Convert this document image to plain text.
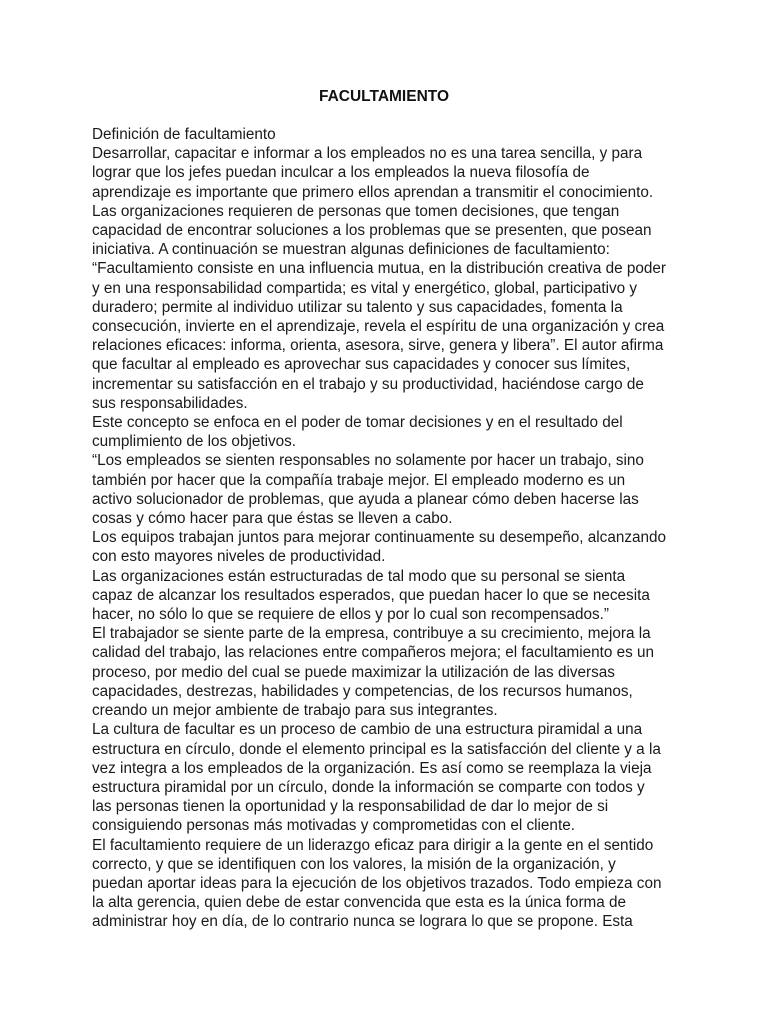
FACULTAMIENTO

Definición de facultamiento

Desarrollar, capacitar e informar a los empleados no es una tarea sencilla, y para
lograr que los jefes puedan inculcar a los empleados la nueva filosofía de
aprendizaje es importante que primero ellos aprendan a transmitir el conocimiento.

Las organizaciones requieren de personas que tomen decisiones, que tengan
capacidad de encontrar soluciones a los problemas que se presenten, que posean
iniciativa. A continuación se muestran algunas definiciones de facultamiento:

“Facultamiento consiste en una influencia mutua, en la distribución creativa de poder
y en una responsabilidad compartida; es vital y energético, global, participativo y
duradero; permite al individuo utilizar su talento y sus capacidades, fomenta la
consecución, invierte en el aprendizaje, revela el espíritu de una organización y crea
relaciones eficaces: informa, orienta, asesora, sirve, genera y libera”. El autor afirma
que facultar al empleado es aprovechar sus capacidades y conocer sus límites,
incrementar su satisfacción en el trabajo y su productividad, haciéndose cargo de
sus responsabilidades.

Este concepto se enfoca en el poder de tomar decisiones y en el resultado del
cumplimiento de los objetivos.

“Los empleados se sienten responsables no solamente por hacer un trabajo, sino
también por hacer que la compañía trabaje mejor. El empleado moderno es un
activo solucionador de problemas, que ayuda a planear cómo deben hacerse las
cosas y cómo hacer para que éstas se lleven a cabo.

Los equipos trabajan juntos para mejorar continuamente su desempeño, alcanzando
con esto mayores niveles de productividad.

Las organizaciones están estructuradas de tal modo que su personal se sienta
capaz de alcanzar los resultados esperados, que puedan hacer lo que se necesita
hacer, no sólo lo que se requiere de ellos y por lo cual son recompensados.”

El trabajador se siente parte de la empresa, contribuye a su crecimiento, mejora la
calidad del trabajo, las relaciones entre compañeros mejora; el facultamiento es un
proceso, por medio del cual se puede maximizar la utilización de las diversas
capacidades, destrezas, habilidades y competencias, de los recursos humanos,
creando un mejor ambiente de trabajo para sus integrantes.

La cultura de facultar es un proceso de cambio de una estructura piramidal a una
estructura en círculo, donde el elemento principal es la satisfacción del cliente y a la
vez integra a los empleados de la organización. Es así como se reemplaza la vieja
estructura piramidal por un círculo, donde la información se comparte con todos y
las personas tienen la oportunidad y la responsabilidad de dar lo mejor de si
consiguiendo personas más motivadas y comprometidas con el cliente.

El facultamiento requiere de un liderazgo eficaz para dirigir a la gente en el sentido
correcto, y que se identifiquen con los valores, la misión de la organización, y
puedan aportar ideas para la ejecución de los objetivos trazados. Todo empieza con
la alta gerencia, quien debe de estar convencida que esta es la única forma de
administrar hoy en día, de lo contrario nunca se lograra lo que se propone. Esta
